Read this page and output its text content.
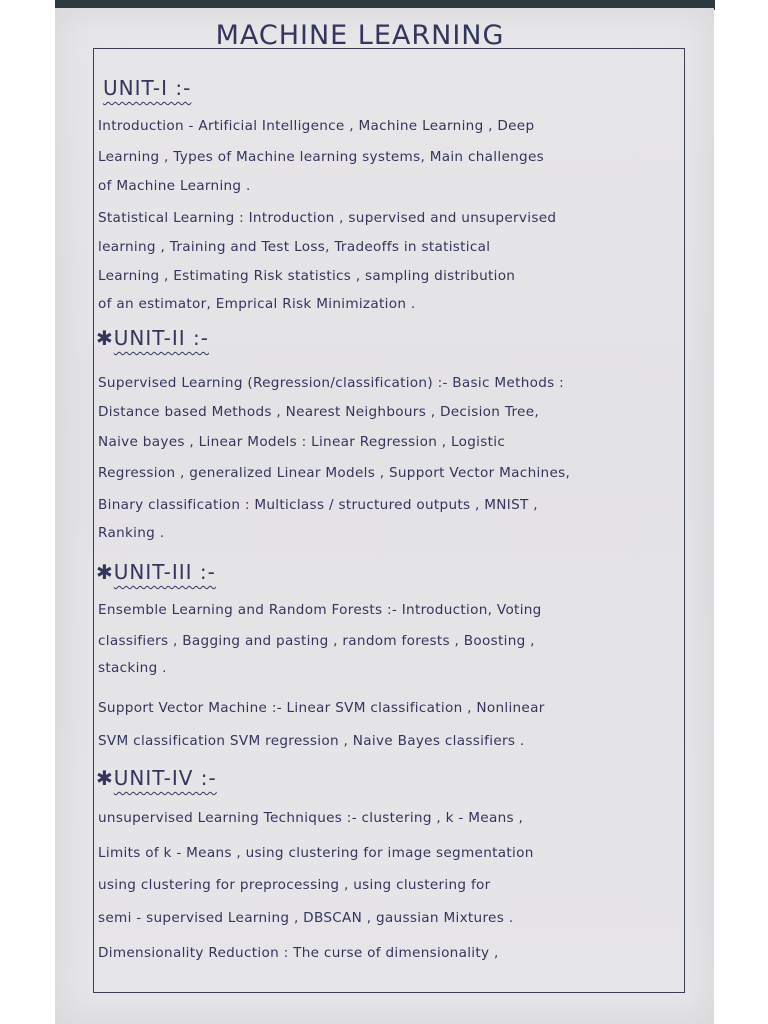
MACHINE LEARNING
UNIT-I :-
Introduction - Artificial Intelligence , Machine Learning , Deep
Learning , Types of Machine learning systems, Main challenges
of Machine Learning .
Statistical Learning : Introduction , supervised and unsupervised
learning , Training and Test Loss, Tradeoffs in statistical
Learning , Estimating Risk statistics , sampling distribution
of an estimator, Emprical Risk Minimization .
✱UNIT-II :-
Supervised Learning (Regression/classification) :- Basic Methods :
Distance based Methods , Nearest Neighbours , Decision Tree,
Naive bayes , Linear Models : Linear Regression , Logistic
Regression , generalized Linear Models , Support Vector Machines,
Binary classification : Multiclass / structured outputs , MNIST ,
Ranking .
✱UNIT-III :-
Ensemble Learning and Random Forests :- Introduction, Voting
classifiers , Bagging and pasting , random forests , Boosting ,
stacking .
Support Vector Machine :- Linear SVM classification , Nonlinear
SVM classification SVM regression , Naive Bayes classifiers .
✱UNIT-IV :-
unsupervised Learning Techniques :- clustering , k - Means ,
Limits of k - Means , using clustering for image segmentation
using clustering for preprocessing , using clustering for
semi - supervised Learning , DBSCAN , gaussian Mixtures .
Dimensionality Reduction : The curse of dimensionality ,
